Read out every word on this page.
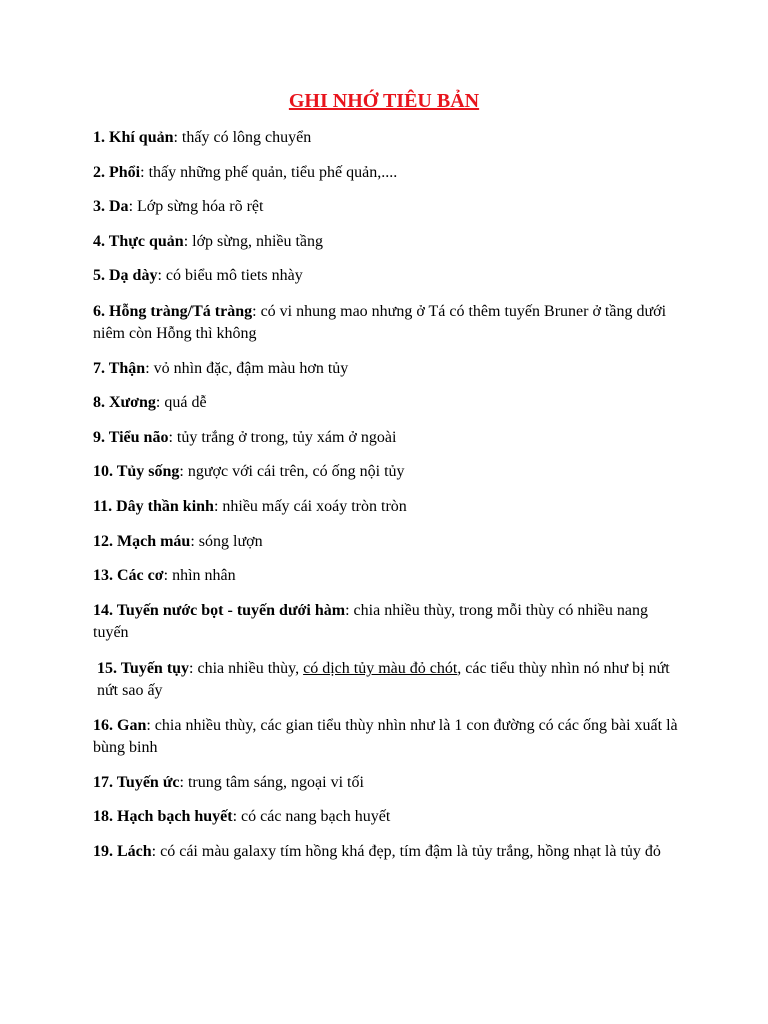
GHI NHỚ TIÊU BẢN
1. Khí quản: thấy có lông chuyển
2. Phổi: thấy những phế quản, tiểu phế quản,....
3. Da: Lớp sừng hóa rõ rệt
4. Thực quản: lớp sừng, nhiều tầng
5. Dạ dày: có biểu mô tiets nhày
6. Hỗng tràng/Tá tràng: có vi nhung mao nhưng ở Tá có thêm tuyến Bruner ở tầng dưới niêm còn Hỗng thì không
7. Thận: vỏ nhìn đặc, đậm màu hơn tủy
8. Xương: quá dễ
9. Tiểu não: tủy trắng ở trong, tủy xám ở ngoài
10. Tủy sống: ngược với cái trên, có ống nội tủy
11. Dây thần kinh: nhiều mấy cái xoáy tròn tròn
12. Mạch máu: sóng lượn
13. Các cơ: nhìn nhân
14. Tuyến nước bọt - tuyến dưới hàm: chia nhiều thùy, trong mỗi thùy có nhiều nang tuyến
15. Tuyến tụy: chia nhiều thùy, có dịch tủy màu đỏ chót, các tiểu thùy nhìn nó như bị nứt nứt sao ấy
16. Gan: chia nhiều thùy, các gian tiểu thùy nhìn như là 1 con đường có các ống bài xuất là bùng binh
17. Tuyến ức: trung tâm sáng, ngoại vi tối
18. Hạch bạch huyết: có các nang bạch huyết
19. Lách: có cái màu galaxy tím hồng khá đẹp, tím đậm là tủy trắng, hồng nhạt là tủy đỏ
